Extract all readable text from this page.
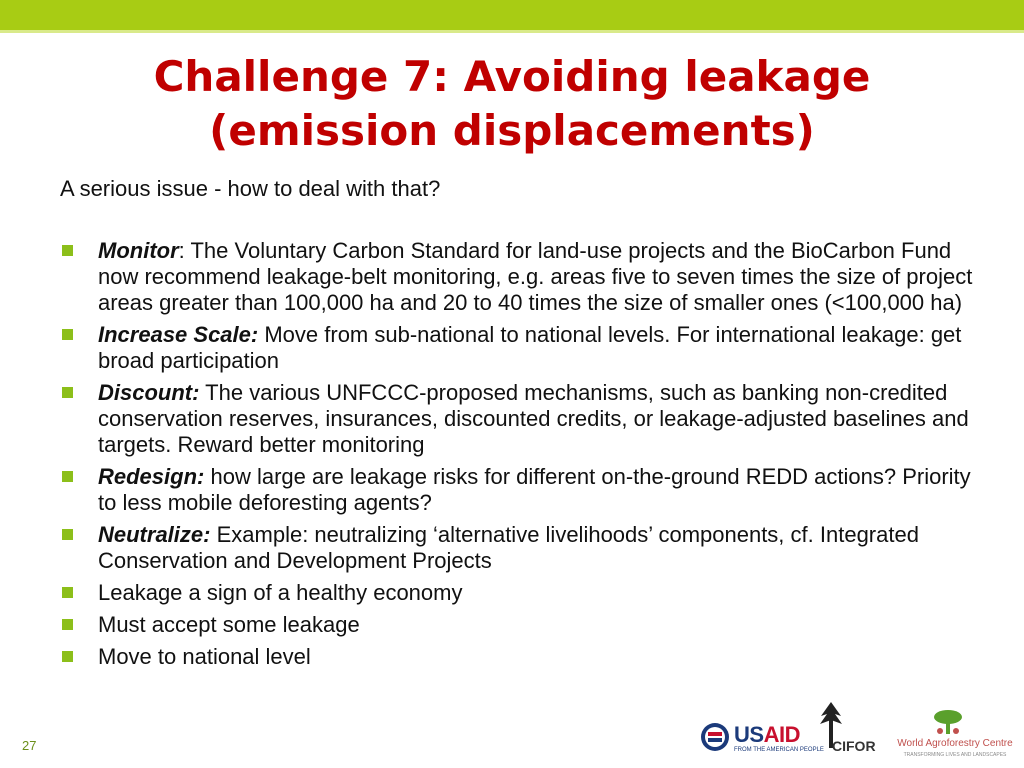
Challenge 7: Avoiding leakage
(emission displacements)
A serious issue - how to deal with that?
Monitor: The Voluntary Carbon Standard for land-use projects and the BioCarbon Fund now recommend leakage-belt monitoring, e.g. areas five to seven times the size of project areas greater than 100,000 ha and 20 to 40 times the size of smaller ones (<100,000 ha)
Increase Scale: Move from sub-national to national levels. For international leakage: get broad participation
Discount: The various UNFCCC-proposed mechanisms, such as banking non-credited conservation reserves, insurances, discounted credits, or leakage-adjusted baselines and targets. Reward better monitoring
Redesign: how large are leakage risks for different on-the-ground REDD actions? Priority to less mobile deforesting agents?
Neutralize: Example: neutralizing ‘alternative livelihoods’ components, cf. Integrated Conservation and Development Projects
Leakage a sign of a healthy economy
Must accept some leakage
Move to national level
27	USAID
FROM THE AMERICAN PEOPLE CIFOR	World Agroforestry Centre
TRANSFORMING LIVES AND LANDSCAPES
